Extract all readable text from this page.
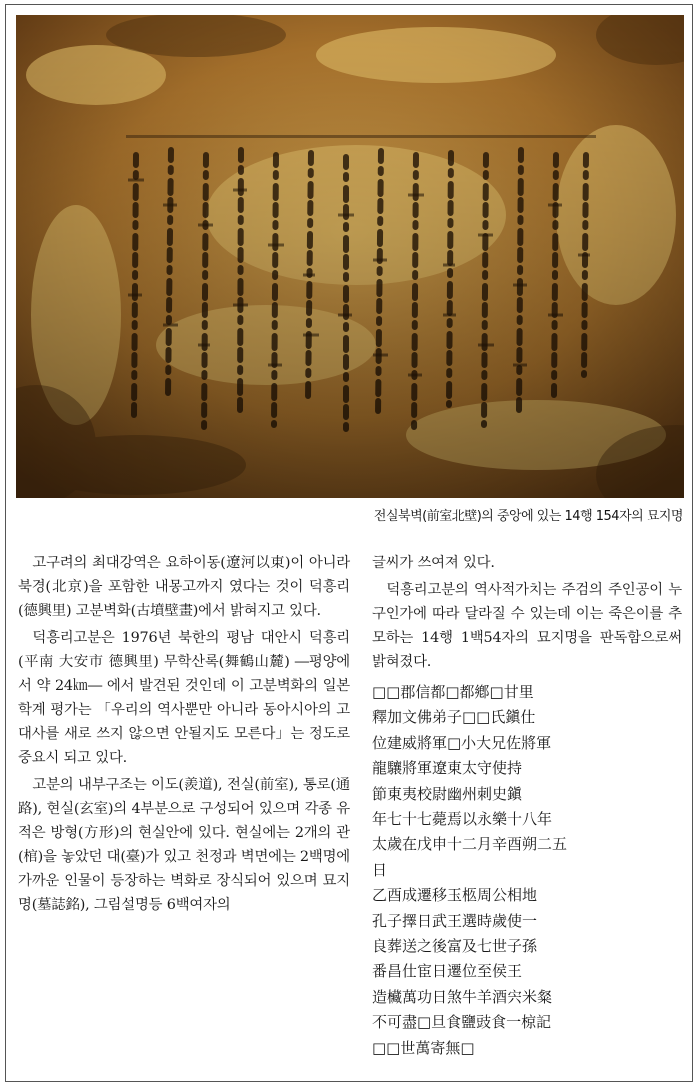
전실북벽(前室北壁)의 중앙에 있는 14행 154자의 묘지명

고구려의 최대강역은 요하이동(遼河以東)이 아니라 북경(北京)을 포함한 내몽고까지 였다는 것이 덕흥리(德興里) 고분벽화(古墳壁畫)에서 밝혀지고 있다.

덕흥리고분은 1976년 북한의 평남 대안시 덕흥리(平南 大安市 德興里) 무학산록(舞鶴山麓) ―평양에서 약 24㎞― 에서 발견된 것인데 이 고분벽화의 일본학계 평가는 「우리의 역사뿐만 아니라 동아시아의 고대사를 새로 쓰지 않으면 안될지도 모른다」는 정도로 중요시 되고 있다.

고분의 내부구조는 이도(羨道), 전실(前室), 통로(通路), 현실(玄室)의 4부분으로 구성되어 있으며 각종 유적은 방형(方形)의 현실안에 있다. 현실에는 2개의 관(棺)을 놓았던 대(臺)가 있고 천정과 벽면에는 2백명에 가까운 인물이 등장하는 벽화로 장식되어 있으며 묘지명(墓誌銘), 그림설명등 6백여자의

글씨가 쓰여져 있다.

덕흥리고분의 역사적가치는 주검의 주인공이 누구인가에 따라 달라질 수 있는데 이는 죽은이를 추모하는 14행 1백54자의 묘지명을 판독함으로써 밝혀졌다.

□□郡信都□都鄕□甘里
釋加文佛弟子□□氏鎭仕
位建威將軍□小大兄佐將軍
龍驤將軍遼東太守使持
節東夷校尉幽州刺史鎭
年七十七薨焉以永樂十八年
太歲在戊申十二月辛酉朔二五
日
乙酉成遷移玉柩周公相地
孔子擇日武王選時歲使一
良葬送之後富及七世子孫
番昌仕宦日遷位至侯王
造欌萬功日煞牛羊酒宍米粲
不可盡□旦食鹽豉食一椋記
□□世萬寄無□
